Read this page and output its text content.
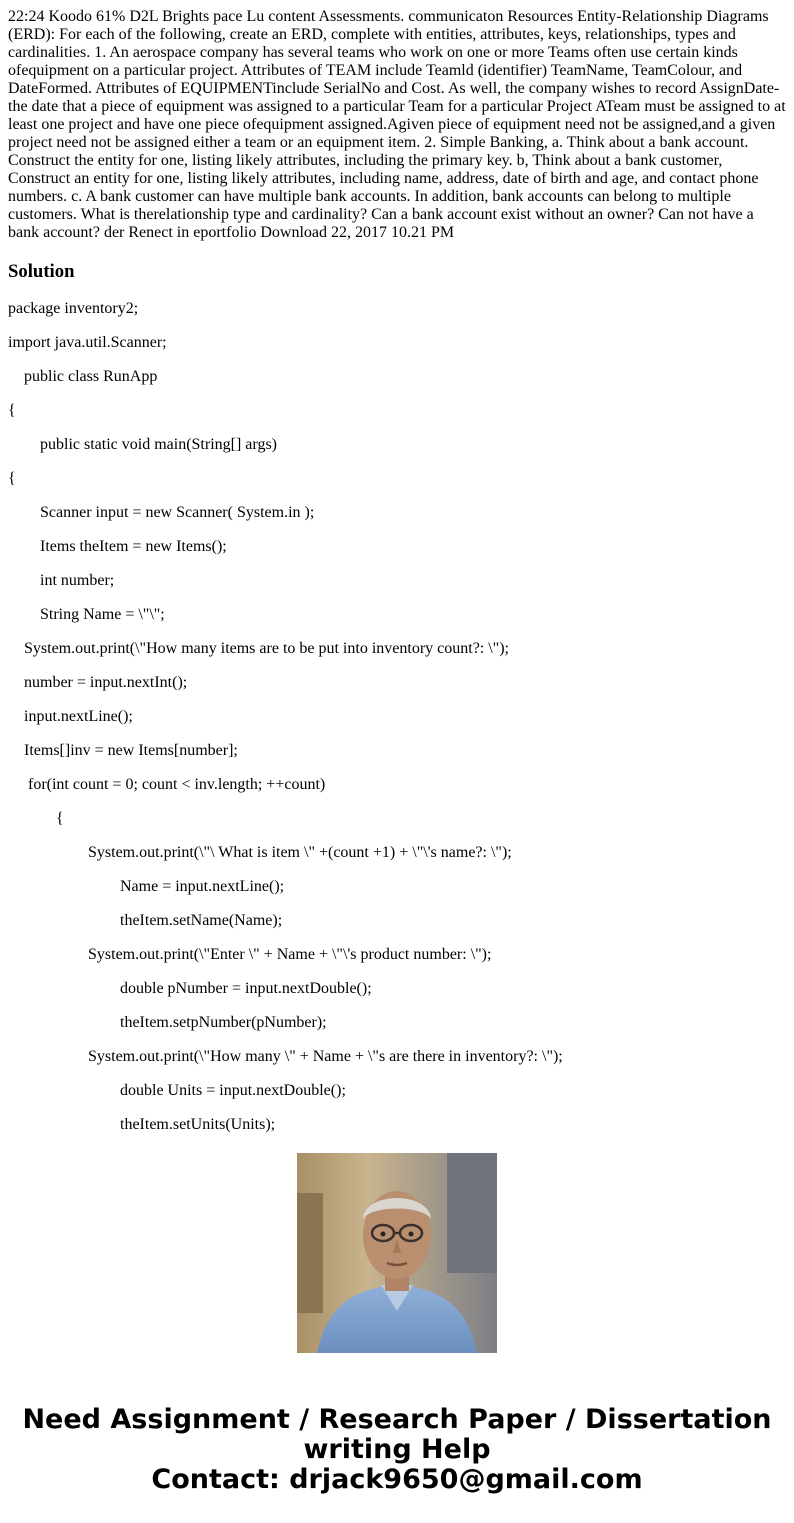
22:24 Koodo 61% D2L Brights pace Lu content Assessments. communicaton Resources Entity-Relationship Diagrams (ERD): For each of the following, create an ERD, complete with entities, attributes, keys, relationships, types and cardinalities. 1. An aerospace company has several teams who work on one or more Teams often use certain kinds ofequipment on a particular project. Attributes of TEAM include Teamld (identifier) TeamName, TeamColour, and DateFormed. Attributes of EQUIPMENTinclude SerialNo and Cost. As well, the company wishes to record AssignDate- the date that a piece of equipment was assigned to a particular Team for a particular Project ATeam must be assigned to at least one project and have one piece ofequipment assigned.Agiven piece of equipment need not be assigned,and a given project need not be assigned either a team or an equipment item. 2. Simple Banking, a. Think about a bank account. Construct the entity for one, listing likely attributes, including the primary key. b, Think about a bank customer, Construct an entity for one, listing likely attributes, including name, address, date of birth and age, and contact phone numbers. c. A bank customer can have multiple bank accounts. In addition, bank accounts can belong to multiple customers. What is therelationship type and cardinality? Can a bank account exist without an owner? Can not have a bank account? der Renect in eportfolio Download 22, 2017 10.21 PM

Solution

package inventory2;

import java.util.Scanner;

public class RunApp

{

public static void main(String[] args)

{

Scanner input = new Scanner( System.in );

Items theItem = new Items();

int number;

String Name = \"\";

System.out.print(\"How many items are to be put into inventory count?: \");

number = input.nextInt();

input.nextLine();

Items[]inv = new Items[number];

for(int count = 0; count < inv.length; ++count)

{

System.out.print(\"\ What is item \" +(count +1) + \"\'s name?: \");

Name = input.nextLine();

theItem.setName(Name);

System.out.print(\"Enter \" + Name + \"\'s product number: \");

double pNumber = input.nextDouble();

theItem.setpNumber(pNumber);

System.out.print(\"How many \" + Name + \"s are there in inventory?: \");

double Units = input.nextDouble();

theItem.setUnits(Units);

Need Assignment / Research Paper / Dissertation

writing Help

Contact: drjack9650@gmail.com
